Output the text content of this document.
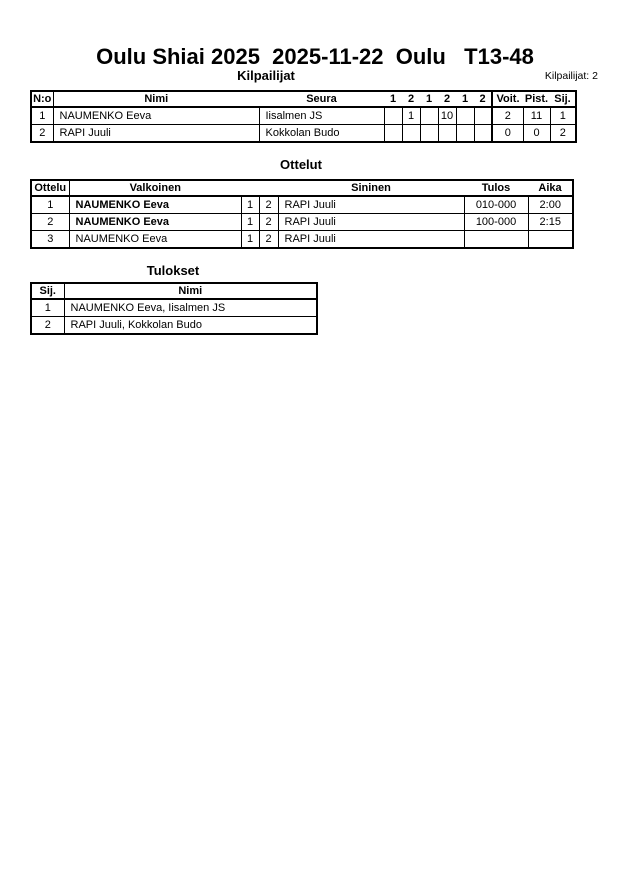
Oulu Shiai 2025  2025-11-22  Oulu   T13-48
Kilpailijat	Kilpailijat: 2
N:o	Nimi	Seura	1	2	1	2	1	2	Voit.	Pist.	Sij.
1	NAUMENKO Eeva	Iisalmen JS		1		10			2	11	1
2	RAPI Juuli	Kokkolan Budo							0	0	2
Ottelut
Ottelu	Valkoinen			Sininen	Tulos	Aika
1	NAUMENKO Eeva	1	2	RAPI Juuli	010-000	2:00
2	NAUMENKO Eeva	1	2	RAPI Juuli	100-000	2:15
3	NAUMENKO Eeva	1	2	RAPI Juuli		
Tulokset
Sij.	Nimi
1	NAUMENKO Eeva, Iisalmen JS
2	RAPI Juuli, Kokkolan Budo
